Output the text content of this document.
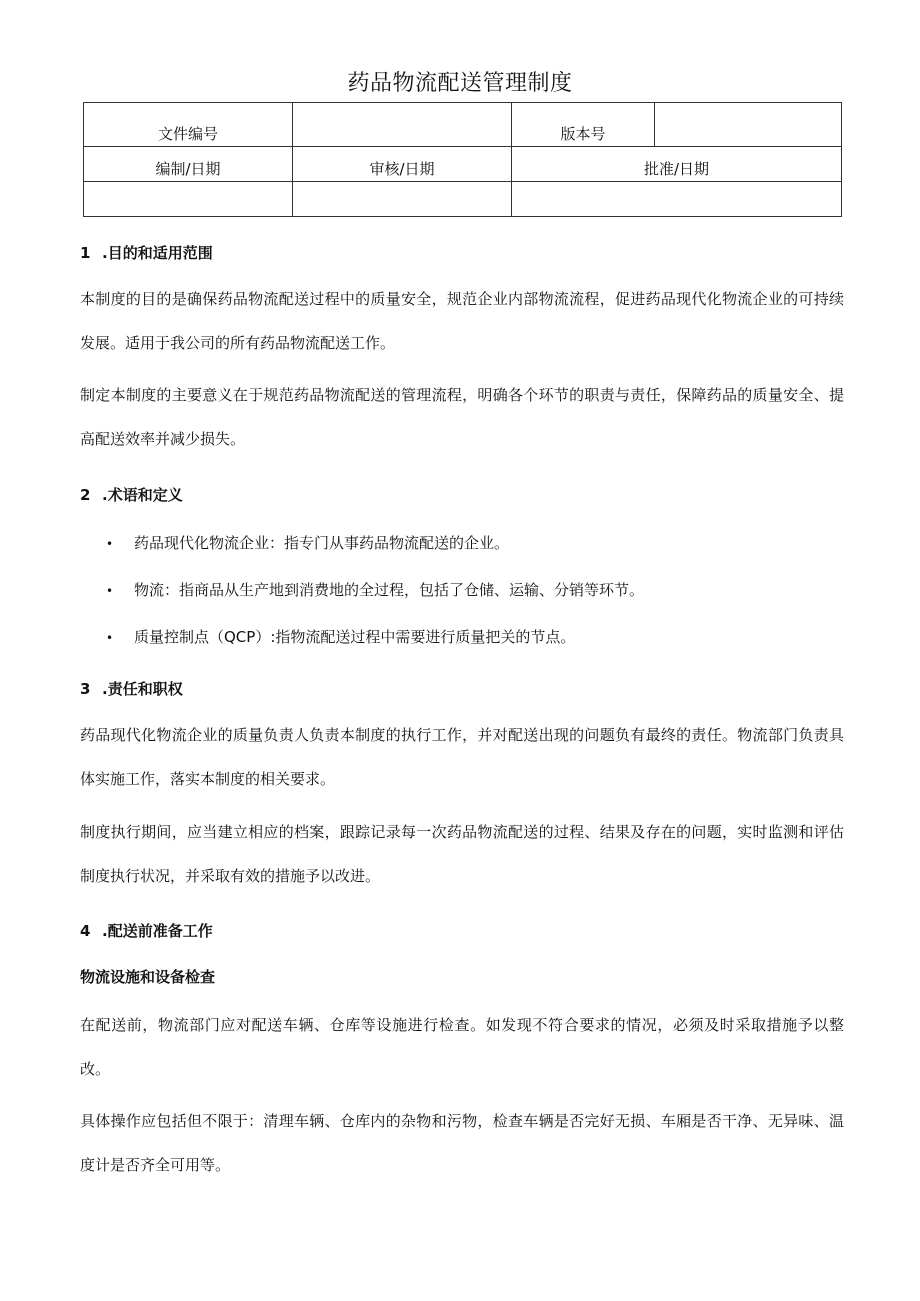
药品物流配送管理制度
文件编号		版本号	
编制/日期	审核/日期	批准/日期	

1 .目的和适用范围
本制度的目的是确保药品物流配送过程中的质量安全，规范企业内部物流流程，促进药品现代化物流企业的可持续发展。适用于我公司的所有药品物流配送工作。
制定本制度的主要意义在于规范药品物流配送的管理流程，明确各个环节的职责与责任，保障药品的质量安全、提高配送效率并减少损失。
2 .术语和定义
• 药品现代化物流企业：指专门从事药品物流配送的企业。
• 物流：指商品从生产地到消费地的全过程，包括了仓储、运输、分销等环节。
• 质量控制点（QCP）:指物流配送过程中需要进行质量把关的节点。
3 .责任和职权
药品现代化物流企业的质量负责人负责本制度的执行工作，并对配送出现的问题负有最终的责任。物流部门负责具体实施工作，落实本制度的相关要求。
制度执行期间，应当建立相应的档案，跟踪记录每一次药品物流配送的过程、结果及存在的问题，实时监测和评估制度执行状况，并采取有效的措施予以改进。
4 .配送前准备工作
物流设施和设备检查
在配送前，物流部门应对配送车辆、仓库等设施进行检查。如发现不符合要求的情况，必须及时采取措施予以整改。
具体操作应包括但不限于：清理车辆、仓库内的杂物和污物，检查车辆是否完好无损、车厢是否干净、无异味、温度计是否齐全可用等。
